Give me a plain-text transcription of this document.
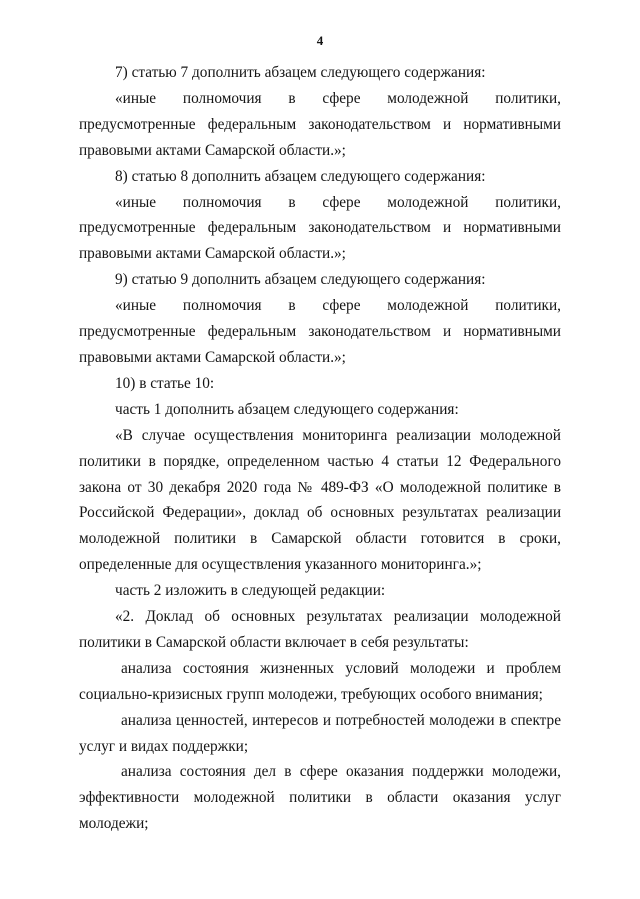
4

7) статью 7 дополнить абзацем следующего содержания:

«иные полномочия в сфере молодежной политики, предусмотренные федеральным законодательством и нормативными правовыми актами Самарской области.»;

8) статью 8 дополнить абзацем следующего содержания:

«иные полномочия в сфере молодежной политики, предусмотренные федеральным законодательством и нормативными правовыми актами Самарской области.»;

9) статью 9 дополнить абзацем следующего содержания:

«иные полномочия в сфере молодежной политики, предусмотренные федеральным законодательством и нормативными правовыми актами Самарской области.»;

10) в статье 10:

часть 1 дополнить абзацем следующего содержания:

«В случае осуществления мониторинга реализации молодежной политики в порядке, определенном частью 4 статьи 12 Федерального закона от 30 декабря 2020 года № 489-ФЗ «О молодежной политике в Российской Федерации», доклад об основных результатах реализации молодежной политики в Самарской области готовится в сроки, определенные для осуществления указанного мониторинга.»;

часть 2 изложить в следующей редакции:

«2. Доклад об основных результатах реализации молодежной политики в Самарской области включает в себя результаты:

анализа состояния жизненных условий молодежи и проблем социально-кризисных групп молодежи, требующих особого внимания;

анализа ценностей, интересов и потребностей молодежи в спектре услуг и видах поддержки;

анализа состояния дел в сфере оказания поддержки молодежи, эффективности молодежной политики в области оказания услуг молодежи;
